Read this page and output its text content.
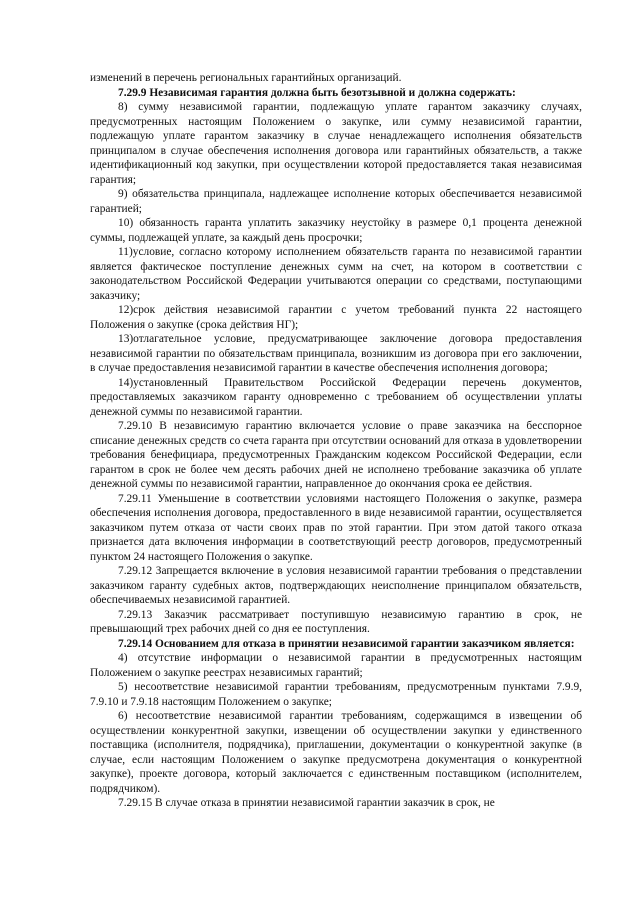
изменений в перечень региональных гарантийных организаций.

7.29.9 Независимая гарантия должна быть безотзывной и должна содержать:

8) сумму независимой гарантии, подлежащую уплате гарантом заказчику случаях, предусмотренных настоящим Положением о закупке, или сумму независимой гарантии, подлежащую уплате гарантом заказчику в случае ненадлежащего исполнения обязательств принципалом в случае обеспечения исполнения договора или гарантийных обязательств, а также идентификационный код закупки, при осуществлении которой предоставляется такая независимая гарантия;

9) обязательства принципала, надлежащее исполнение которых обеспечивается независимой гарантией;

10) обязанность гаранта уплатить заказчику неустойку в размере 0,1 процента денежной суммы, подлежащей уплате, за каждый день просрочки;

11)условие, согласно которому исполнением обязательств гаранта по независимой гарантии является фактическое поступление денежных сумм на счет, на котором в соответствии с законодательством Российской Федерации учитываются операции со средствами, поступающими заказчику;

12)срок действия независимой гарантии с учетом требований пункта 22 настоящего Положения о закупке (срока действия НГ);

13)отлагательное условие, предусматривающее заключение договора предоставления независимой гарантии по обязательствам принципала, возникшим из договора при его заключении, в случае предоставления независимой гарантии в качестве обеспечения исполнения договора;

14)установленный Правительством Российской Федерации перечень документов, предоставляемых заказчиком гаранту одновременно с требованием об осуществлении уплаты денежной суммы по независимой гарантии.

7.29.10 В независимую гарантию включается условие о праве заказчика на бесспорное списание денежных средств со счета гаранта при отсутствии оснований для отказа в удовлетворении требования бенефициара, предусмотренных Гражданским кодексом Российской Федерации, если гарантом в срок не более чем десять рабочих дней не исполнено требование заказчика об уплате денежной суммы по независимой гарантии, направленное до окончания срока ее действия.

7.29.11 Уменьшение в соответствии условиями настоящего Положения о закупке, размера обеспечения исполнения договора, предоставленного в виде независимой гарантии, осуществляется заказчиком путем отказа от части своих прав по этой гарантии. При этом датой такого отказа признается дата включения информации в соответствующий реестр договоров, предусмотренный пунктом 24 настоящего Положения о закупке.

7.29.12 Запрещается включение в условия независимой гарантии требования о представлении заказчиком гаранту судебных актов, подтверждающих неисполнение принципалом обязательств, обеспечиваемых независимой гарантией.

7.29.13 Заказчик рассматривает поступившую независимую гарантию в срок, не превышающий трех рабочих дней со дня ее поступления.

7.29.14 Основанием для отказа в принятии независимой гарантии заказчиком является:

4) отсутствие информации о независимой гарантии в предусмотренных настоящим Положением о закупке реестрах независимых гарантий;

5) несоответствие независимой гарантии требованиям, предусмотренным пунктами 7.9.9, 7.9.10 и 7.9.18 настоящим Положением о закупке;

6) несоответствие независимой гарантии требованиям, содержащимся в извещении об осуществлении конкурентной закупки, извещении об осуществлении закупки у единственного поставщика (исполнителя, подрядчика), приглашении, документации о конкурентной закупке (в случае, если настоящим Положением о закупке предусмотрена документация о конкурентной закупке), проекте договора, который заключается с единственным поставщиком (исполнителем, подрядчиком).

7.29.15 В случае отказа в принятии независимой гарантии заказчик в срок, не
